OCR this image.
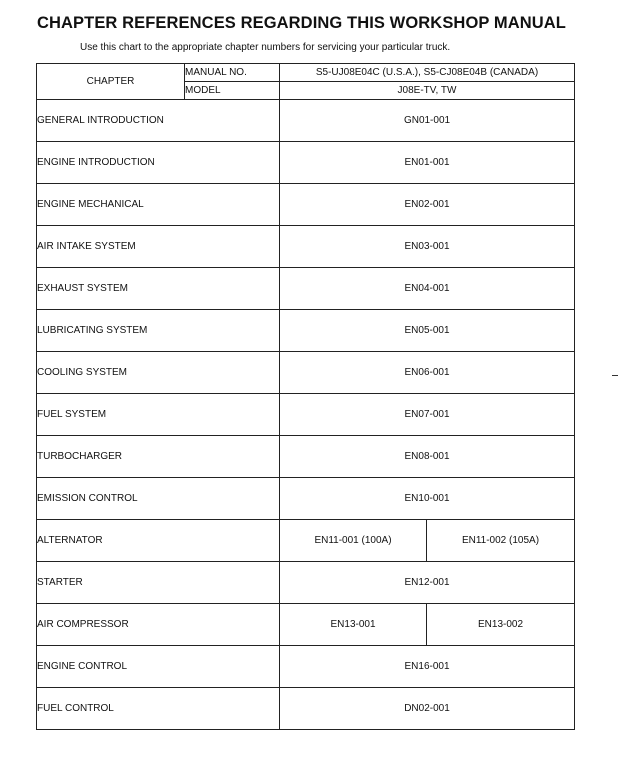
CHAPTER REFERENCES REGARDING THIS WORKSHOP MANUAL
Use this chart to the appropriate chapter numbers for servicing your particular truck.
CHAPTER	MANUAL NO.	S5-UJ08E04C (U.S.A.), S5-CJ08E04B (CANADA)	
	MODEL	J08E-TV, TW	
GENERAL INTRODUCTION		GN01-001	
ENGINE INTRODUCTION		EN01-001	
ENGINE MECHANICAL		EN02-001	
AIR INTAKE SYSTEM		EN03-001	
EXHAUST SYSTEM		EN04-001	
LUBRICATING SYSTEM		EN05-001	
COOLING SYSTEM		EN06-001	
FUEL SYSTEM		EN07-001	
TURBOCHARGER		EN08-001	
EMISSION CONTROL		EN10-001	
ALTERNATOR		EN11-001 (100A)	EN11-002 (105A)
STARTER		EN12-001	
AIR COMPRESSOR		EN13-001	EN13-002
ENGINE CONTROL		EN16-001	
FUEL CONTROL		DN02-001	
